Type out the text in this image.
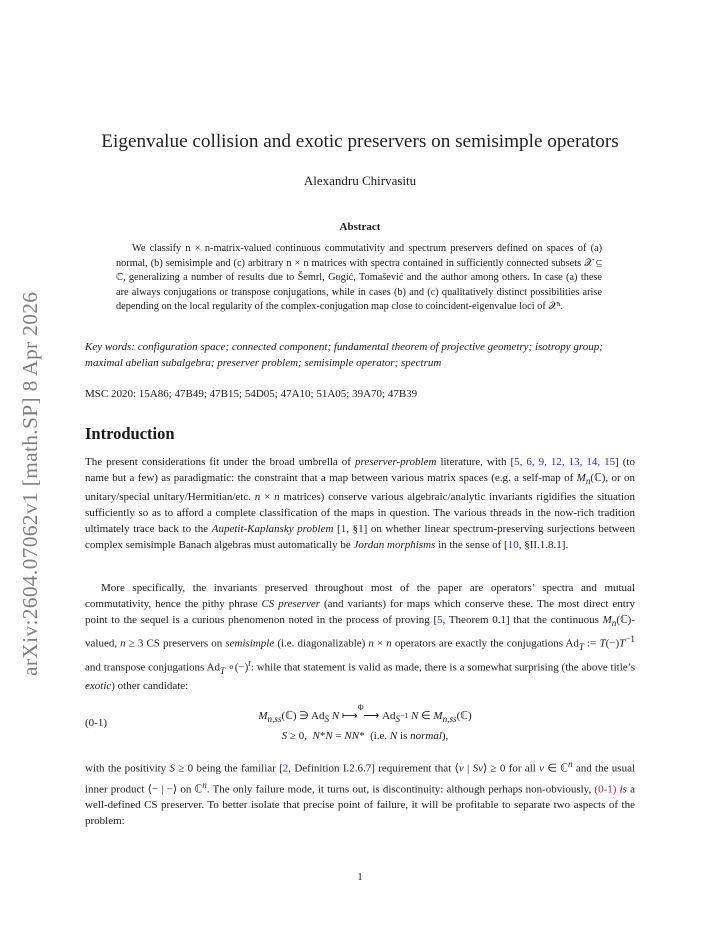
arXiv:2604.07062v1 [math.SP] 8 Apr 2026
Eigenvalue collision and exotic preservers on semisimple operators
Alexandru Chirvasitu
Abstract
We classify n × n-matrix-valued continuous commutativity and spectrum preservers defined on spaces of (a) normal, (b) semisimple and (c) arbitrary n × n matrices with spectra contained in sufficiently connected subsets 𝒳 ⊆ ℂ, generalizing a number of results due to Šemrl, Gogić, Tomašević and the author among others. In case (a) these are always conjugations or transpose conjugations, while in cases (b) and (c) qualitatively distinct possibilities arise depending on the local regularity of the complex-conjugation map close to coincident-eigenvalue loci of 𝒳ⁿ.
Key words: configuration space; connected component; fundamental theorem of projective geometry; isotropy group; maximal abelian subalgebra; preserver problem; semisimple operator; spectrum
MSC 2020: 15A86; 47B49; 47B15; 54D05; 47A10; 51A05; 39A70; 47B39
Introduction
The present considerations fit under the broad umbrella of preserver-problem literature, with [5, 6, 9, 12, 13, 14, 15] (to name but a few) as paradigmatic: the constraint that a map between various matrix spaces (e.g. a self-map of $M_n(ℂ)$, or on unitary/special unitary/Hermitian/etc. n × n matrices) conserve various algebraic/analytic invariants rigidifies the situation sufficiently so as to afford a complete classification of the maps in question. The various threads in the now-rich tradition ultimately trace back to the Aupetit-Kaplansky problem [1, §1] on whether linear spectrum-preserving surjections between complex semisimple Banach algebras must automatically be Jordan morphisms in the sense of [10, §II.1.8.1].
More specifically, the invariants preserved throughout most of the paper are operators’ spectra and mutual commutativity, hence the pithy phrase CS preserver (and variants) for maps which conserve these. The most direct entry point to the sequel is a curious phenomenon noted in the process of proving [5, Theorem 0.1] that the continuous $M_n(ℂ)$-valued, n ≥ 3 CS preservers on semisimple (i.e. diagonalizable) n × n operators are exactly the conjugations $Ad_T$ := $T(-)T^{-1}$ and transpose conjugations $Ad_T$ $\circ(-)^t$: while that statement is valid as made, there is a somewhat surprising (the above title’s exotic) other candidate:
(0-1)
$M_{n,ss}(ℂ)$ ∋ $Ad_S$ N ⟼$^\Phi$⟶ $Ad_{S^{-1}}$ N ∈ $M_{n,ss}(ℂ)$
S ≥ 0,  N*N = NN*  (i.e. N is normal),
with the positivity S ≥ 0 being the familiar [2, Definition I.2.6.7] requirement that ⟨v | Sv⟩ ≥ 0 for all v ∈ ℂ$^n$ and the usual inner product ⟨− | −⟩ on ℂ$^n$. The only failure mode, it turns out, is discontinuity: although perhaps non-obviously, (0-1) is a well-defined CS preserver. To better isolate that precise point of failure, it will be profitable to separate two aspects of the problem:
1
